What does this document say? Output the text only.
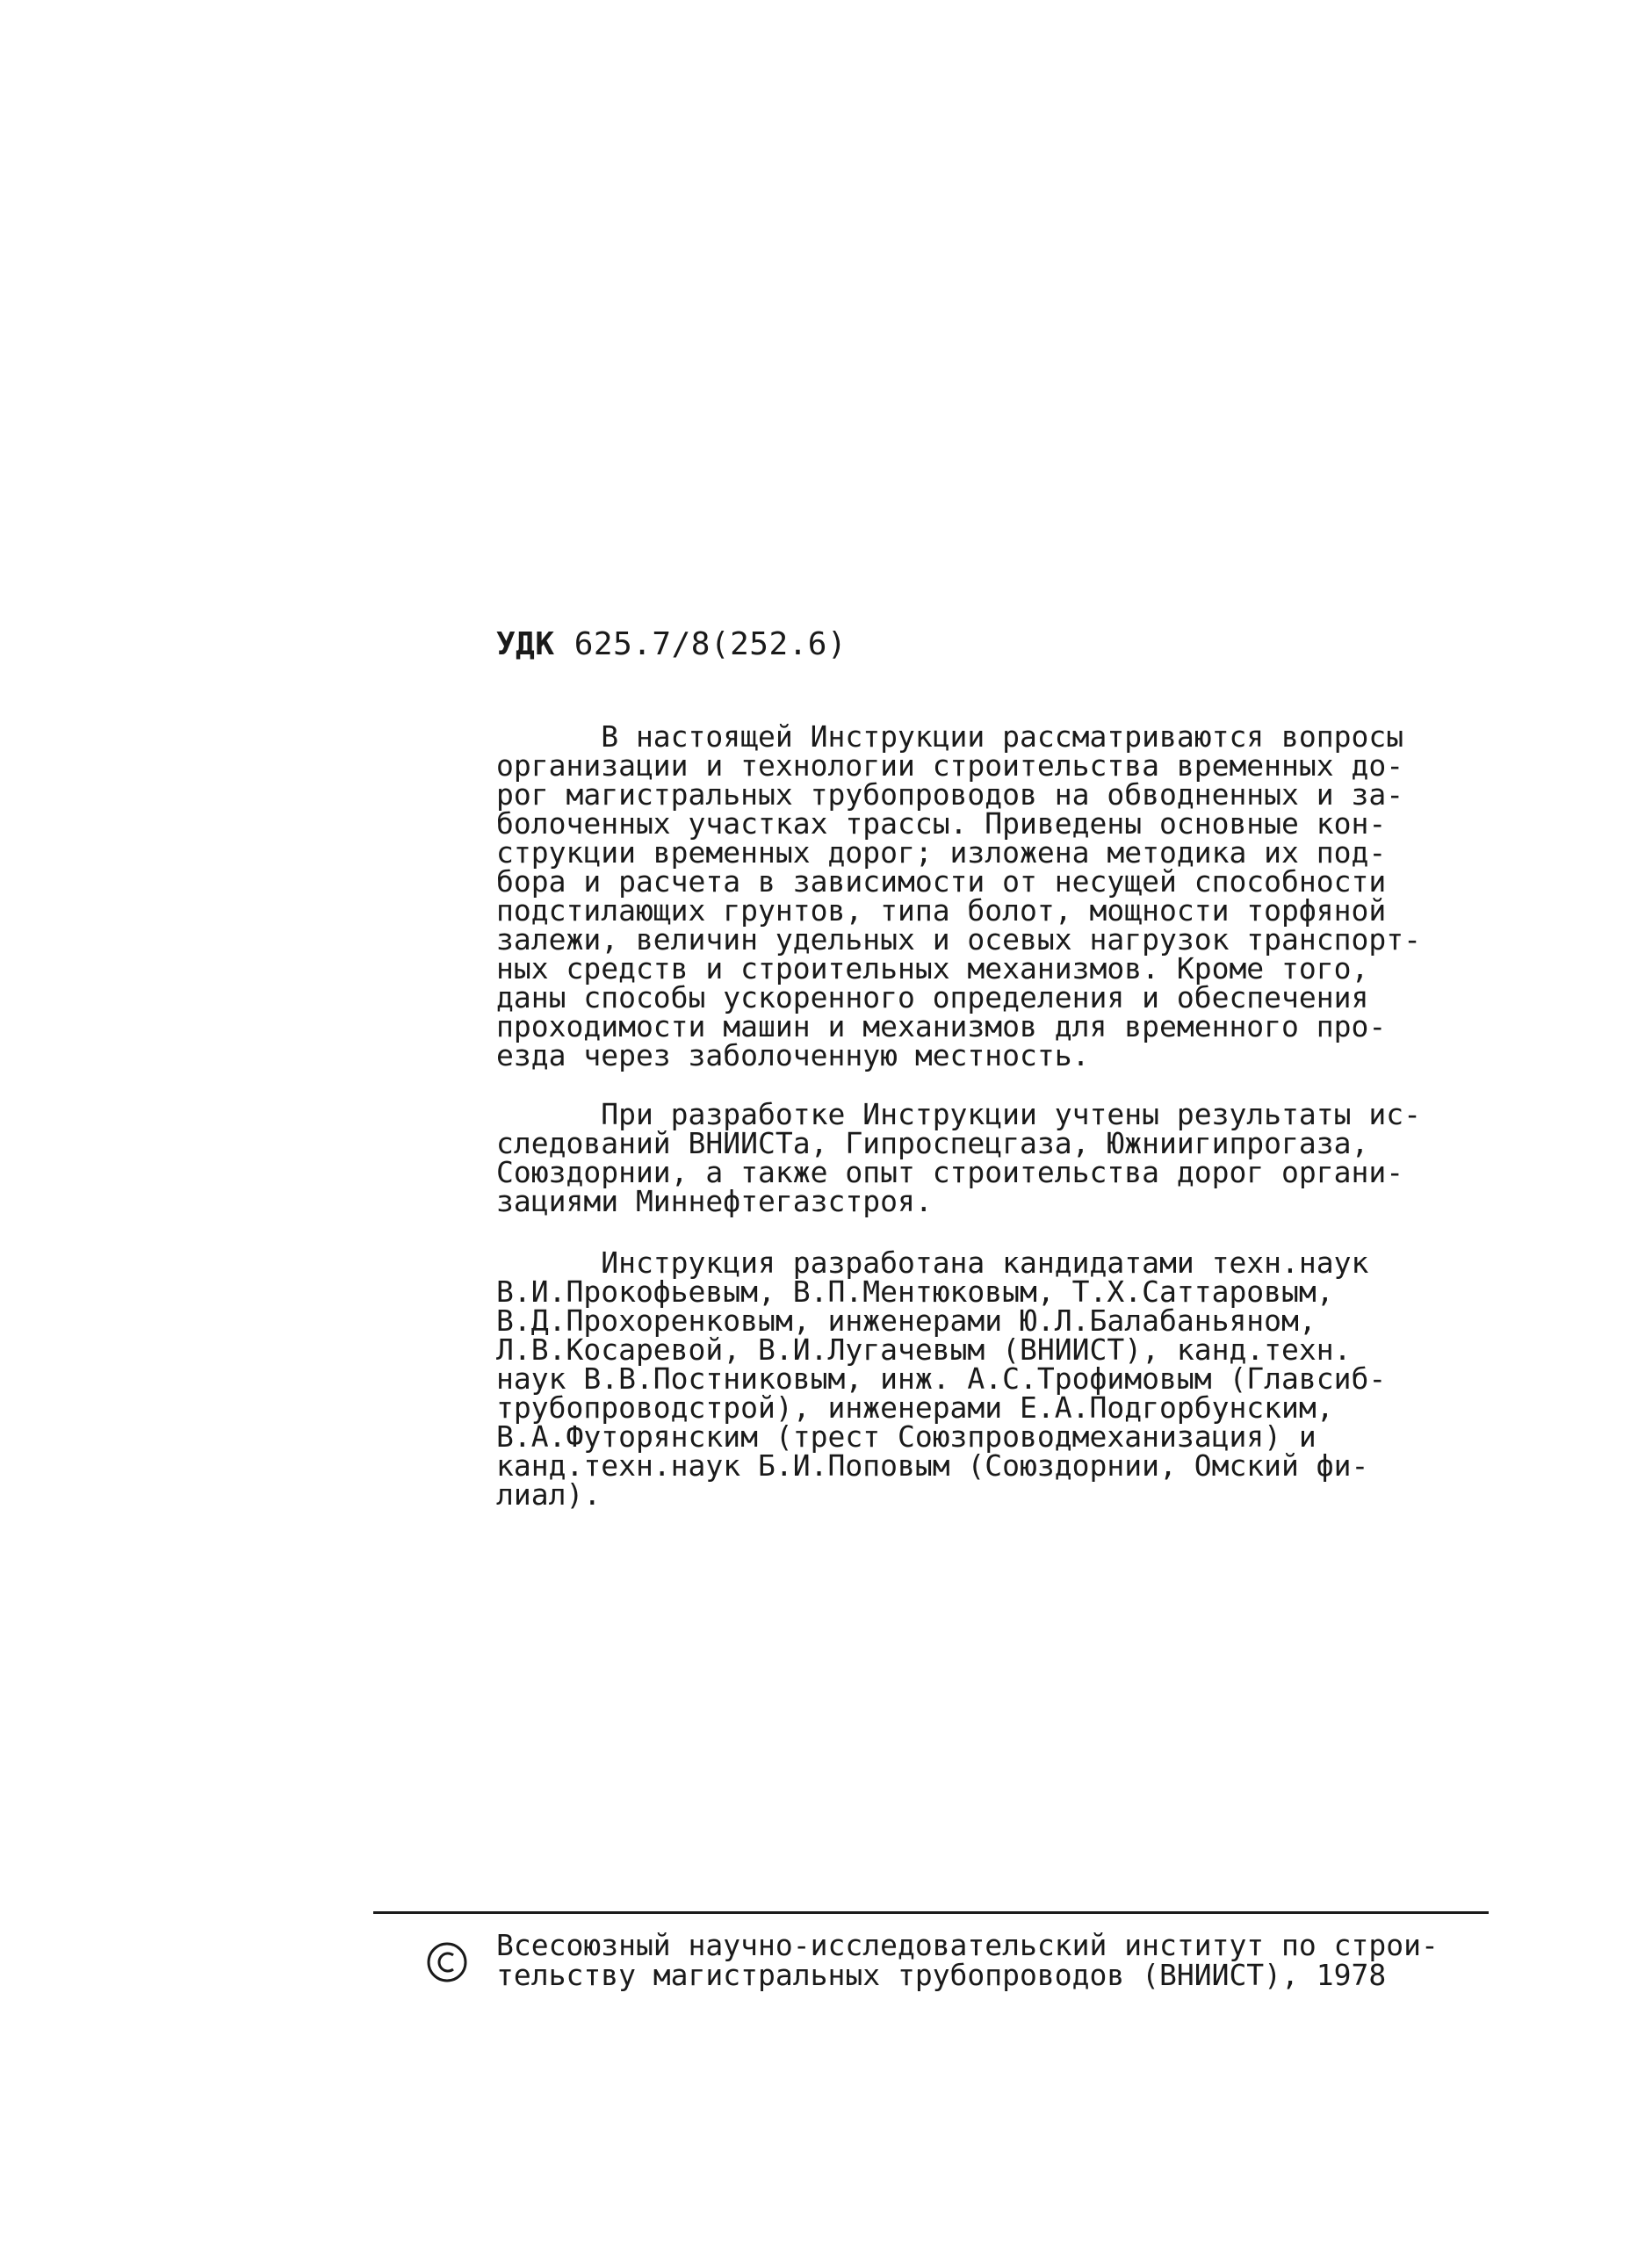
УДК 625.7/8(252.6)
В настоящей Инструкции рассматриваются вопросы
организации и технологии строительства временных до-
рог магистральных трубопроводов на обводненных и за-
болоченных участках трассы. Приведены основные кон-
струкции временных дорог; изложена методика их под-
бора и расчета в зависимости от несущей способности
подстилающих грунтов, типа болот, мощности торфяной
залежи, величин удельных и осевых нагрузок транспорт-
ных средств и строительных механизмов. Кроме того,
даны способы ускоренного определения и обеспечения
проходимости машин и механизмов для временного про-
езда через заболоченную местность.
При разработке Инструкции учтены результаты ис-
следований ВНИИСТа, Гипроспецгаза, Южниигипрогаза,
Союздорнии, а также опыт строительства дорог органи-
зациями Миннефтегазстроя.
Инструкция разработана кандидатами техн.наук
В.И.Прокофьевым, В.П.Ментюковым, Т.Х.Саттаровым,
В.Д.Прохоренковым, инженерами Ю.Л.Балабаньяном,
Л.В.Косаревой, В.И.Лугачевым (ВНИИСТ), канд.техн.
наук В.В.Постниковым, инж. А.С.Трофимовым (Главсиб-
трубопроводстрой), инженерами Е.А.Подгорбунским,
В.А.Футорянским (трест Союзпроводмеханизация) и
канд.техн.наук Б.И.Поповым (Союздорнии, Омский фи-
лиал).
Всесоюзный научно-исследовательский институт по строи-
тельству магистральных трубопроводов (ВНИИСТ), 1978
